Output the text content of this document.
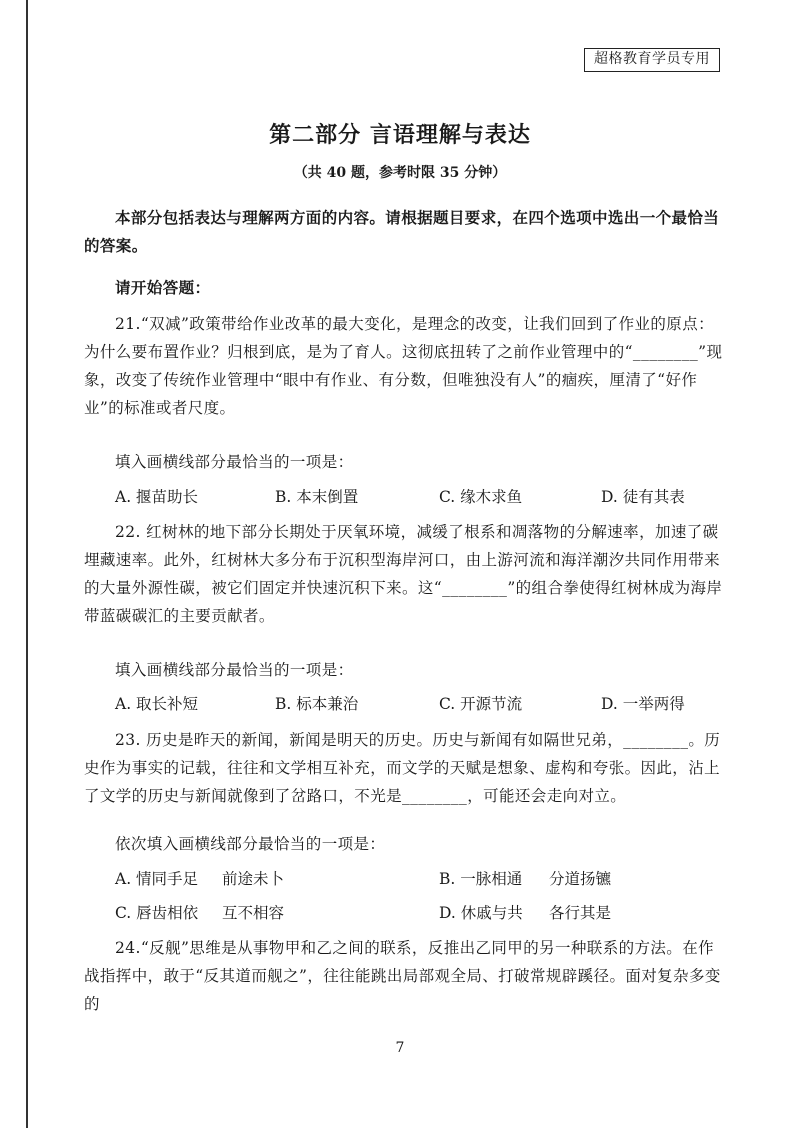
超格教育学员专用
第二部分 言语理解与表达
（共 40 题，参考时限 35 分钟）
本部分包括表达与理解两方面的内容。请根据题目要求，在四个选项中选出一个最恰当的答案。
请开始答题：
21.“双减”政策带给作业改革的最大变化，是理念的改变，让我们回到了作业的原点：为什么要布置作业？归根到底，是为了育人。这彻底扭转了之前作业管理中的“________”现象，改变了传统作业管理中“眼中有作业、有分数，但唯独没有人”的痼疾，厘清了“好作业”的标准或者尺度。
填入画横线部分最恰当的一项是：
A. 揠苗助长	B. 本末倒置	C. 缘木求鱼	D. 徒有其表
22. 红树林的地下部分长期处于厌氧环境，减缓了根系和凋落物的分解速率，加速了碳埋藏速率。此外，红树林大多分布于沉积型海岸河口，由上游河流和海洋潮汐共同作用带来的大量外源性碳，被它们固定并快速沉积下来。这“________”的组合拳使得红树林成为海岸带蓝碳碳汇的主要贡献者。
填入画横线部分最恰当的一项是：
A. 取长补短	B. 标本兼治	C. 开源节流	D. 一举两得
23. 历史是昨天的新闻，新闻是明天的历史。历史与新闻有如隔世兄弟，________。历史作为事实的记载，往往和文学相互补充，而文学的天赋是想象、虚构和夸张。因此，沾上了文学的历史与新闻就像到了岔路口，不光是________，可能还会走向对立。
依次填入画横线部分最恰当的一项是：
A. 情同手足 前途未卜	B. 一脉相通 分道扬镳
C. 唇齿相依 互不相容	D. 休戚与共 各行其是
24.“反舰”思维是从事物甲和乙之间的联系，反推出乙同甲的另一种联系的方法。在作战指挥中，敢于“反其道而舰之”，往往能跳出局部观全局、打破常规辟蹊径。面对复杂多变的
7
